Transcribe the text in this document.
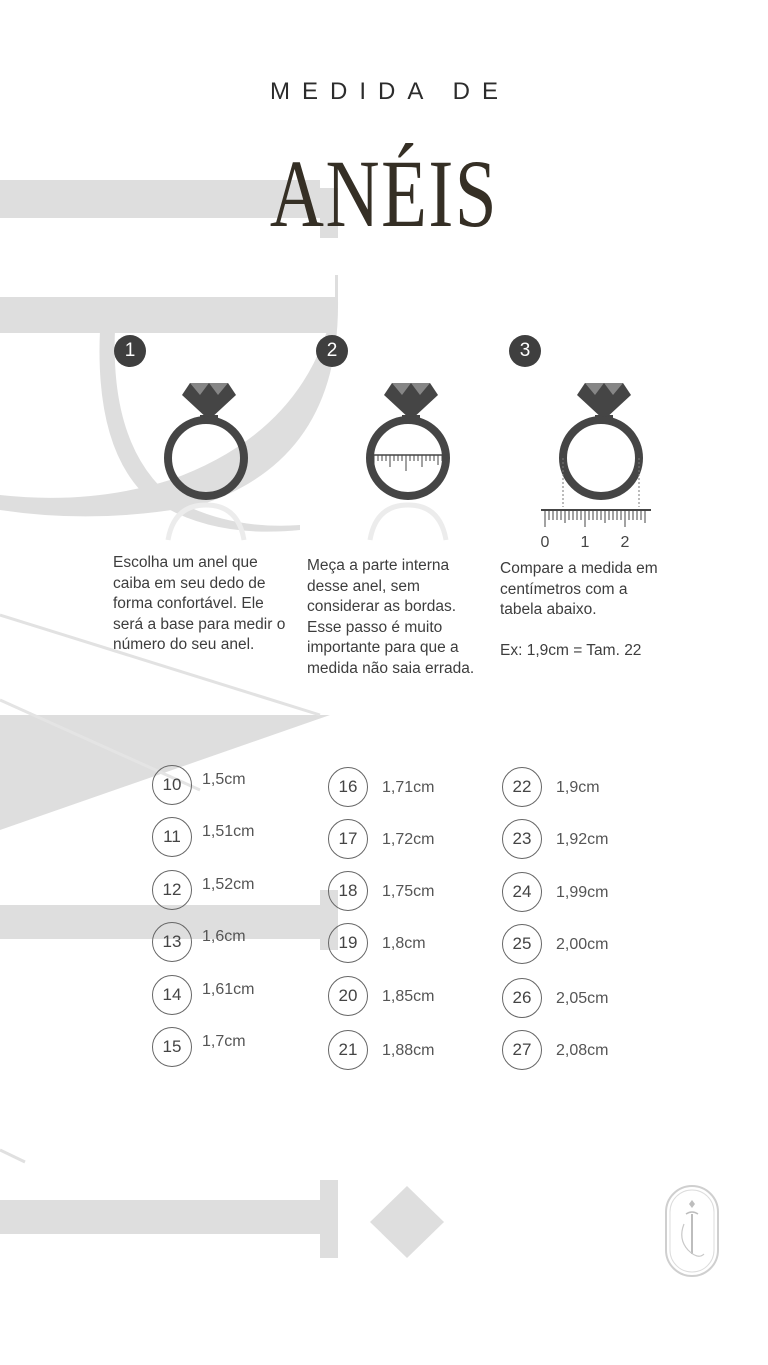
MEDIDA DE
ANÉIS
1
Escolha um anel que caiba em seu dedo de forma confortável. Ele será a base para medir o número do seu anel.
2
Meça a parte interna desse anel, sem considerar as bordas. Esse passo é muito importante para que a medida não saia errada.
3
0 1 2
Compare a medida em centímetros com a tabela abaixo.
Ex: 1,9cm = Tam. 22
10	1,5cm
11	1,51cm
12	1,52cm
13	1,6cm
14	1,61cm
15	1,7cm
16	1,71cm
17	1,72cm
18	1,75cm
19	1,8cm
20	1,85cm
21	1,88cm
22	1,9cm
23	1,92cm
24	1,99cm
25	2,00cm
26	2,05cm
27	2,08cm
